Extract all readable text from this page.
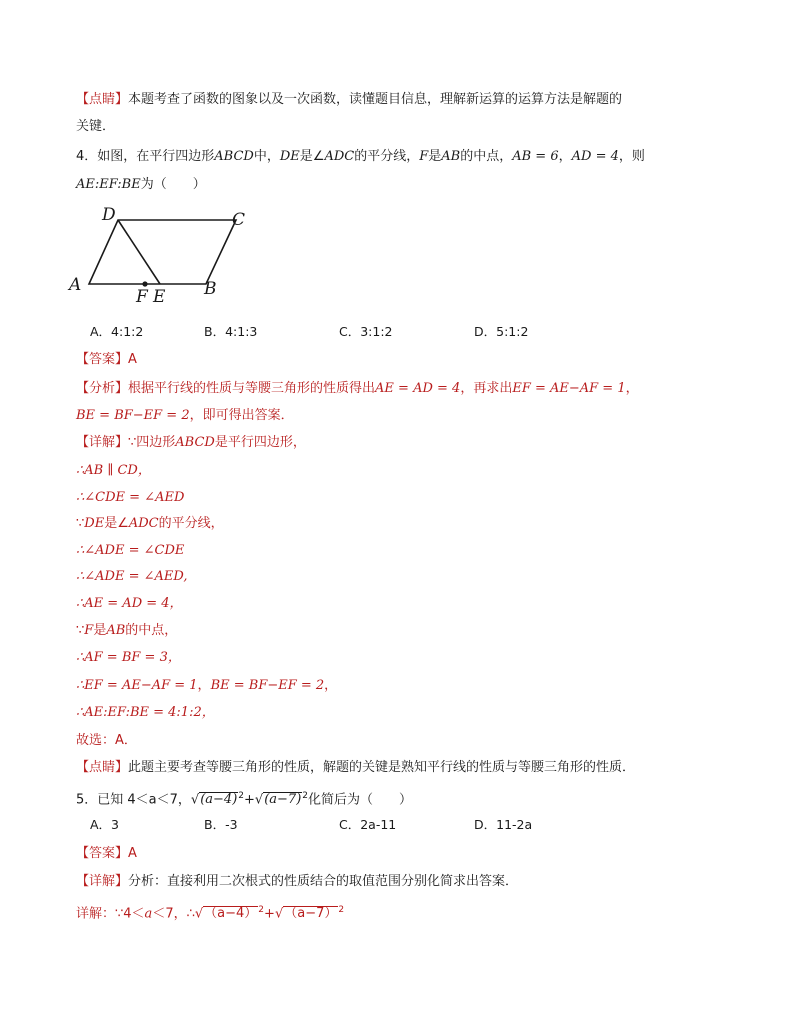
【点睛】本题考查了函数的图象以及一次函数，读懂题目信息，理解新运算的运算方法是解题的
关键．
4．如图，在平行四边形ABCD中，DE是∠ADC的平分线，F是AB的中点，AB = 6，AD = 4，则
AE:EF:BE为（　　）
D	C
A	B
F E
A．4:1:2	B．4:1:3	C．3:1:2	D．5:1:2
【答案】A
【分析】根据平行线的性质与等腰三角形的性质得出AE = AD = 4，再求出EF = AE−AF = 1，
BE = BF−EF = 2，即可得出答案．
【详解】∵四边形ABCD是平行四边形，
∴AB ∥ CD，
∴∠CDE = ∠AED
∵DE是∠ADC的平分线，
∴∠ADE = ∠CDE
∴∠ADE = ∠AED,
∴AE = AD = 4，
∵F是AB的中点，
∴AF = BF = 3，
∴EF = AE−AF = 1，BE = BF−EF = 2，
∴AE:EF:BE = 4:1:2，
故选：A．
【点睛】此题主要考查等腰三角形的性质，解题的关键是熟知平行线的性质与等腰三角形的性质．
5．已知 4＜a＜7，$√(a-4)^2+√(a-7)^2$化简后为（　　）
A．3	B．-3	C．2a-11	D．11-2a
【答案】A
【详解】分析：直接利用二次根式的性质结合的取值范围分别化简求出答案．
详解：∵4＜a＜7，$\therefore√(a-4)^2+√(a-7)^2$
